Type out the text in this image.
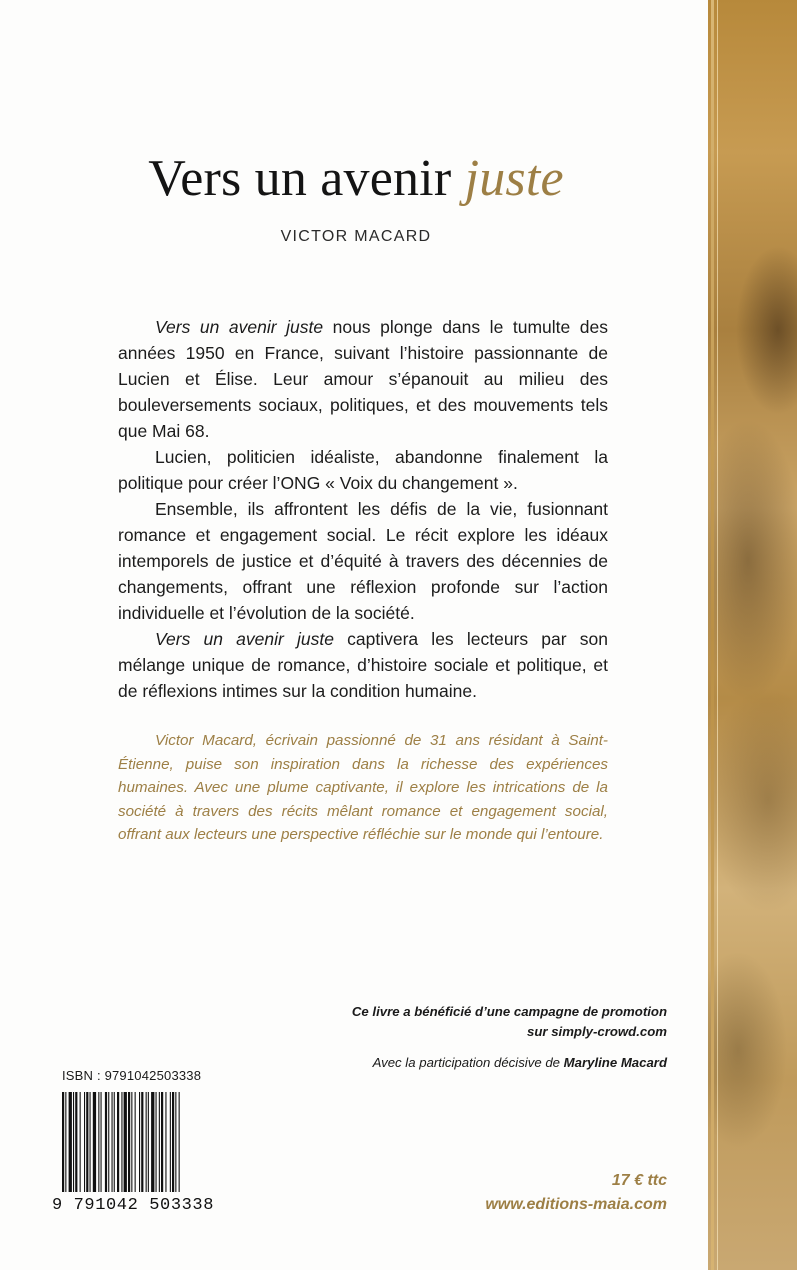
Vers un avenir juste
VICTOR MACARD

Vers un avenir juste nous plonge dans le tumulte des années 1950 en France, suivant l’histoire passionnante de Lucien et Élise. Leur amour s’épanouit au milieu des bouleversements sociaux, politiques, et des mouvements tels que Mai 68.

Lucien, politicien idéaliste, abandonne finalement la politique pour créer l’ONG « Voix du changement ».

Ensemble, ils affrontent les défis de la vie, fusionnant romance et engagement social. Le récit explore les idéaux intemporels de justice et d’équité à travers des décennies de changements, offrant une réflexion profonde sur l’action individuelle et l’évolution de la société.

Vers un avenir juste captivera les lecteurs par son mélange unique de romance, d’histoire sociale et politique, et de réflexions intimes sur la condition humaine.

Victor Macard, écrivain passionné de 31 ans résidant à Saint-Étienne, puise son inspiration dans la richesse des expériences humaines. Avec une plume captivante, il explore les intrications de la société à travers des récits mêlant romance et engagement social, offrant aux lecteurs une perspective réfléchie sur le monde qui l’entoure.

Ce livre a bénéficié d’une campagne de promotion
sur simply-crowd.com
Avec la participation décisive de Maryline Macard
ISBN : 9791042503338
9 791042 503338
17 € ttc
www.editions-maia.com
